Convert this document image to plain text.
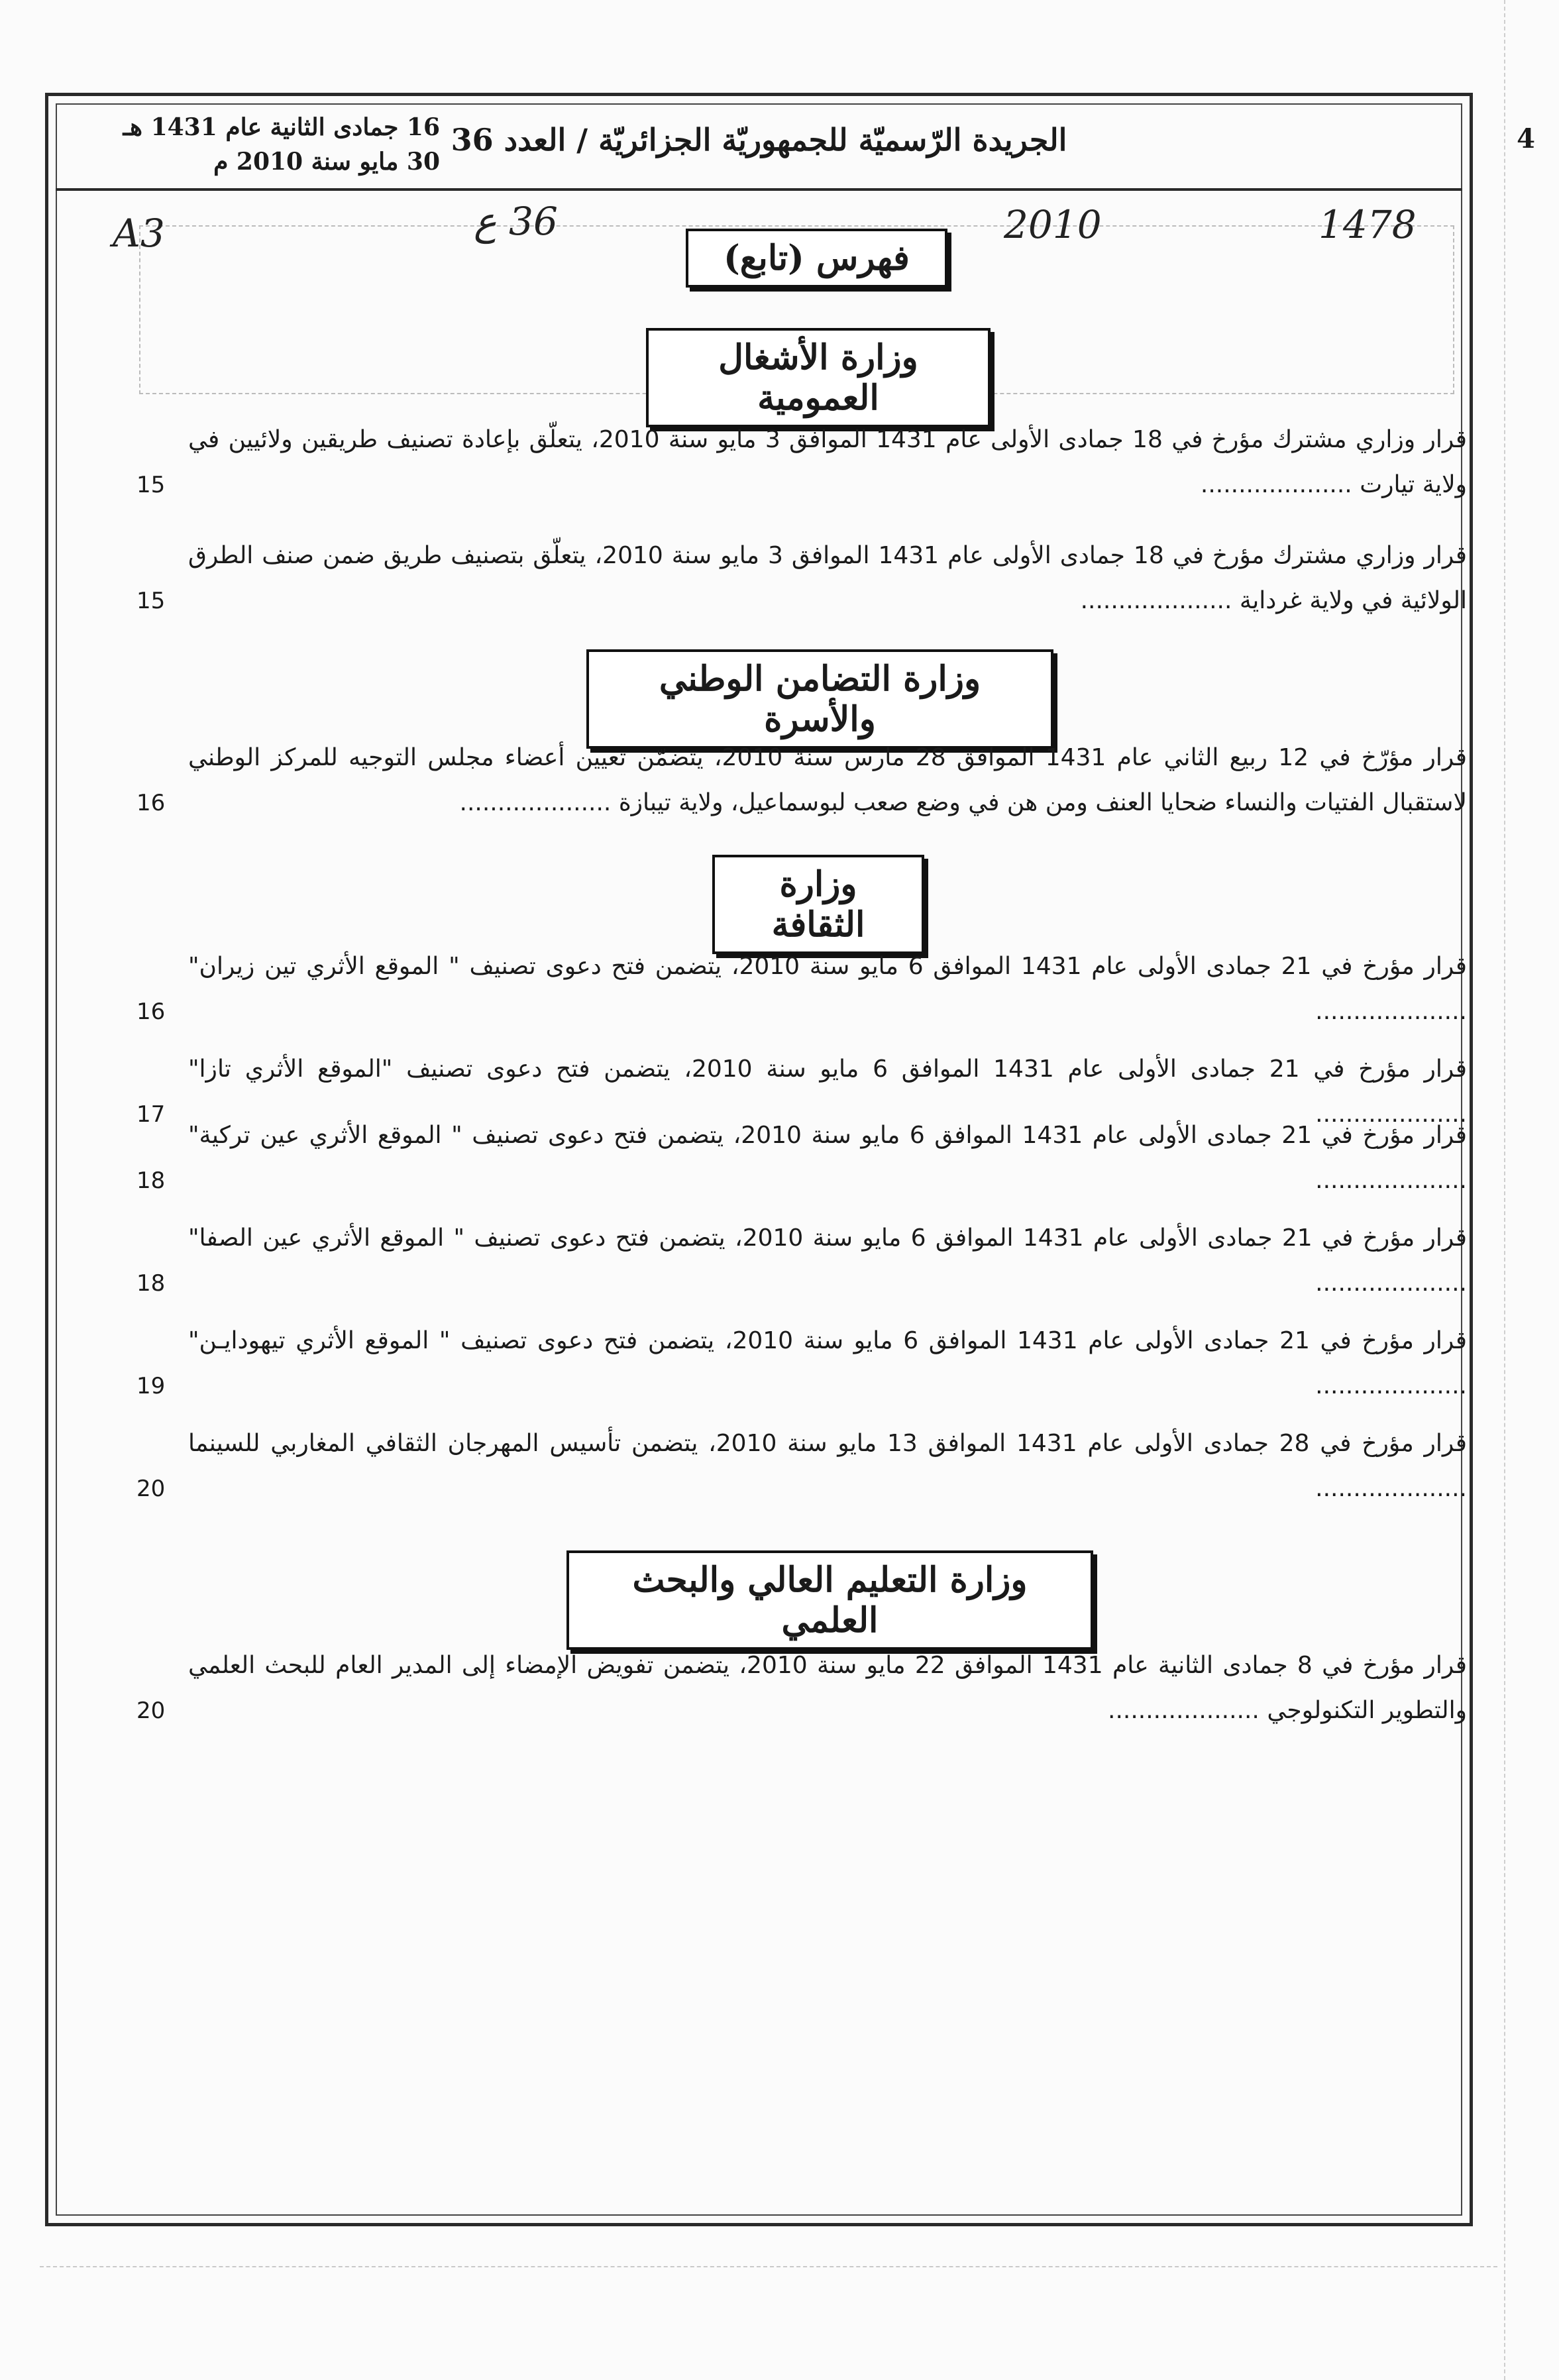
4
الجريدة الرّسميّة للجمهوريّة الجزائريّة / العدد 36
16 جمادى الثانية عام 1431 هـ
30 مايو سنة 2010 م
A3	36 ع	2010	1478
فهرس (تابع)
وزارة الأشغال العمومية
قرار وزاري مشترك مؤرخ في 18 جمادى الأولى عام 1431 الموافق 3 مايو سنة 2010، يتعلّق بإعادة تصنيف طريقين ولائيين في ولاية تيارت ....................
15
قرار وزاري مشترك مؤرخ في 18 جمادى الأولى عام 1431 الموافق 3 مايو سنة 2010، يتعلّق بتصنيف طريق ضمن صنف الطرق الولائية في ولاية غرداية ....................
15
وزارة التضامن الوطني والأسرة
قرار مؤرّخ في 12 ربيع الثاني عام 1431 الموافق 28 مارس سنة 2010، يتضمّن تعيين أعضاء مجلس التوجيه للمركز الوطني لاستقبال الفتيات والنساء ضحايا العنف ومن هن في وضع صعب لبوسماعيل، ولاية تيبازة ....................
16
وزارة الثقافة
قرار مؤرخ في 21 جمادى الأولى عام 1431 الموافق 6 مايو سنة 2010، يتضمن فتح دعوى تصنيف " الموقع الأثري تين زيران" ....................
16
قرار مؤرخ في 21 جمادى الأولى عام 1431 الموافق 6 مايو سنة 2010، يتضمن فتح دعوى تصنيف "الموقع الأثري تازا" ....................
17
قرار مؤرخ في 21 جمادى الأولى عام 1431 الموافق 6 مايو سنة 2010، يتضمن فتح دعوى تصنيف " الموقع الأثري عين تركية" ....................
18
قرار مؤرخ في 21 جمادى الأولى عام 1431 الموافق 6 مايو سنة 2010، يتضمن فتح دعوى تصنيف " الموقع الأثري عين الصفا" ....................
18
قرار مؤرخ في 21 جمادى الأولى عام 1431 الموافق 6 مايو سنة 2010، يتضمن فتح دعوى تصنيف " الموقع الأثري تيهودايـن" ....................
19
قرار مؤرخ في 28 جمادى الأولى عام 1431 الموافق 13 مايو سنة 2010، يتضمن تأسيس المهرجان الثقافي المغاربي للسينما ....................
20
وزارة التعليم العالي والبحث العلمي
قرار مؤرخ في 8 جمادى الثانية عام 1431 الموافق 22 مايو سنة 2010، يتضمن تفويض الإمضاء إلى المدير العام للبحث العلمي والتطوير التكنولوجي ....................
20
